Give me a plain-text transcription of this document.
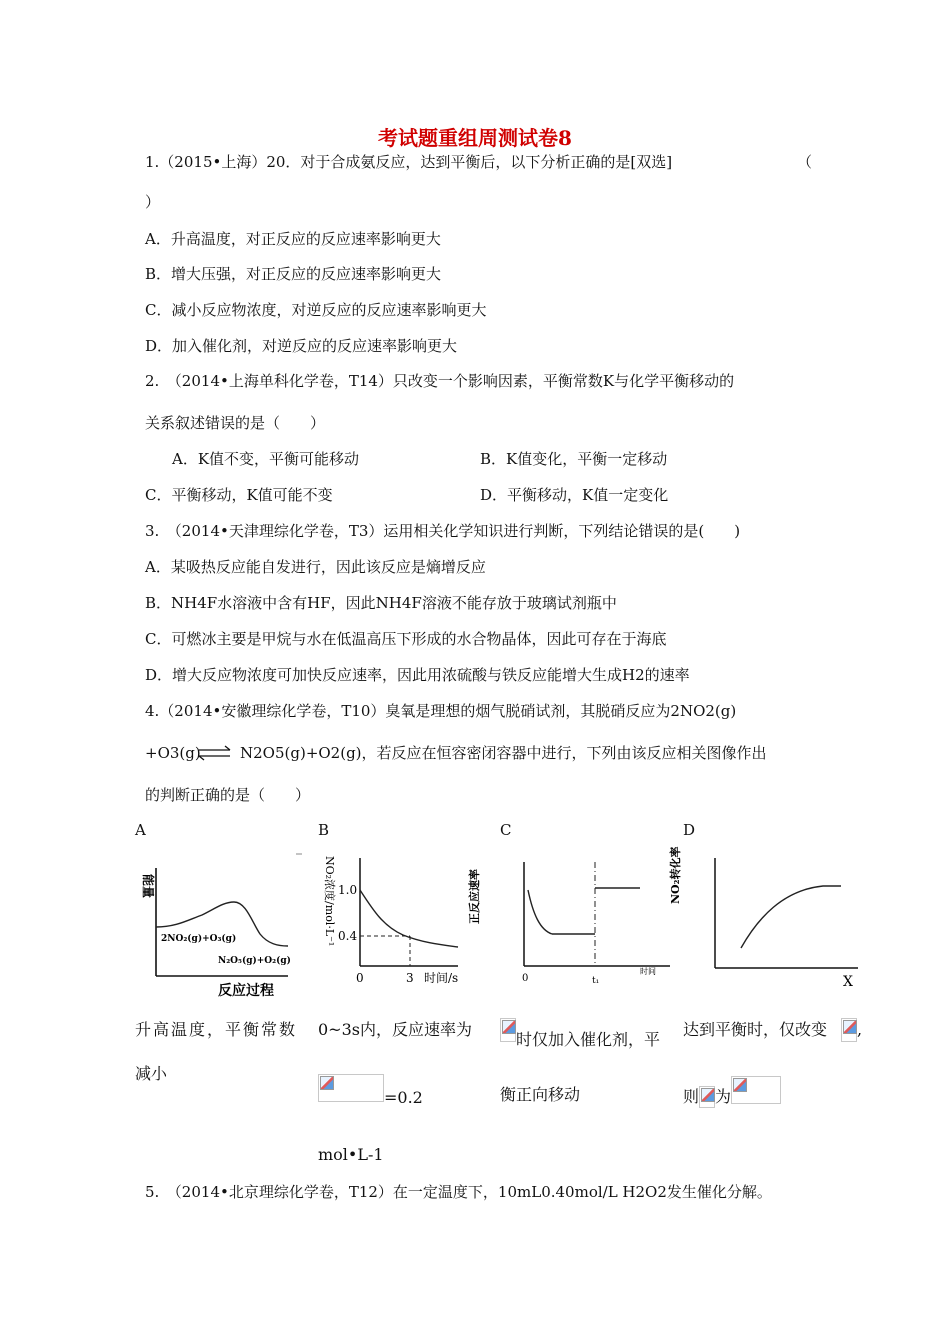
考试题重组周测试卷8
1.（2015•上海）20．对于合成氨反应，达到平衡后，以下分析正确的是[双选]	（
）
A．升高温度，对正反应的反应速率影响更大
B．增大压强，对正反应的反应速率影响更大
C．减小反应物浓度，对逆反应的反应速率影响更大
D．加入催化剂，对逆反应的反应速率影响更大
2.　（2014•上海单科化学卷，T14）只改变一个影响因素，平衡常数K与化学平衡移动的
关系叙述错误的是（　　）
A．K值不变，平衡可能移动	B．K值变化，平衡一定移动
C．平衡移动，K值可能不变	D．平衡移动，K值一定变化
3.　（2014•天津理综化学卷，T3）运用相关化学知识进行判断，下列结论错误的是(　　)
A．某吸热反应能自发进行，因此该反应是熵增反应
B．NH4F水溶液中含有HF，因此NH4F溶液不能存放于玻璃试剂瓶中
C．可燃冰主要是甲烷与水在低温高压下形成的水合物晶体，因此可存在于海底
D．增大反应物浓度可加快反应速率，因此用浓硫酸与铁反应能增大生成H2的速率
4.（2014•安徽理综化学卷，T10）臭氧是理想的烟气脱硝试剂，其脱硝反应为2NO2(g)
+O3(g) ⇌ N2O5(g)+O2(g)，若反应在恒容密闭容器中进行，下列由该反应相关图像作出
的判断正确的是（　　）
A	B	C	D
能量
2NO₂(g)+O₃(g)
N₂O₅(g)+O₂(g)
反应过程
NO₂浓度/mol·L⁻¹ 1.0
0.4
0	3 时间/s
正反应速率
0	t₁
时间
NO₂转化率
X
升高温度，平衡常数
减小
0~3s内，反应速率为
=0.2
mol•L-1
时仅加入催化剂，平
衡正向移动
达到平衡时，仅改变 ,
则 为
5.　（2014•北京理综化学卷，T12）在一定温度下，10mL0.40mol/L H2O2发生催化分解。
